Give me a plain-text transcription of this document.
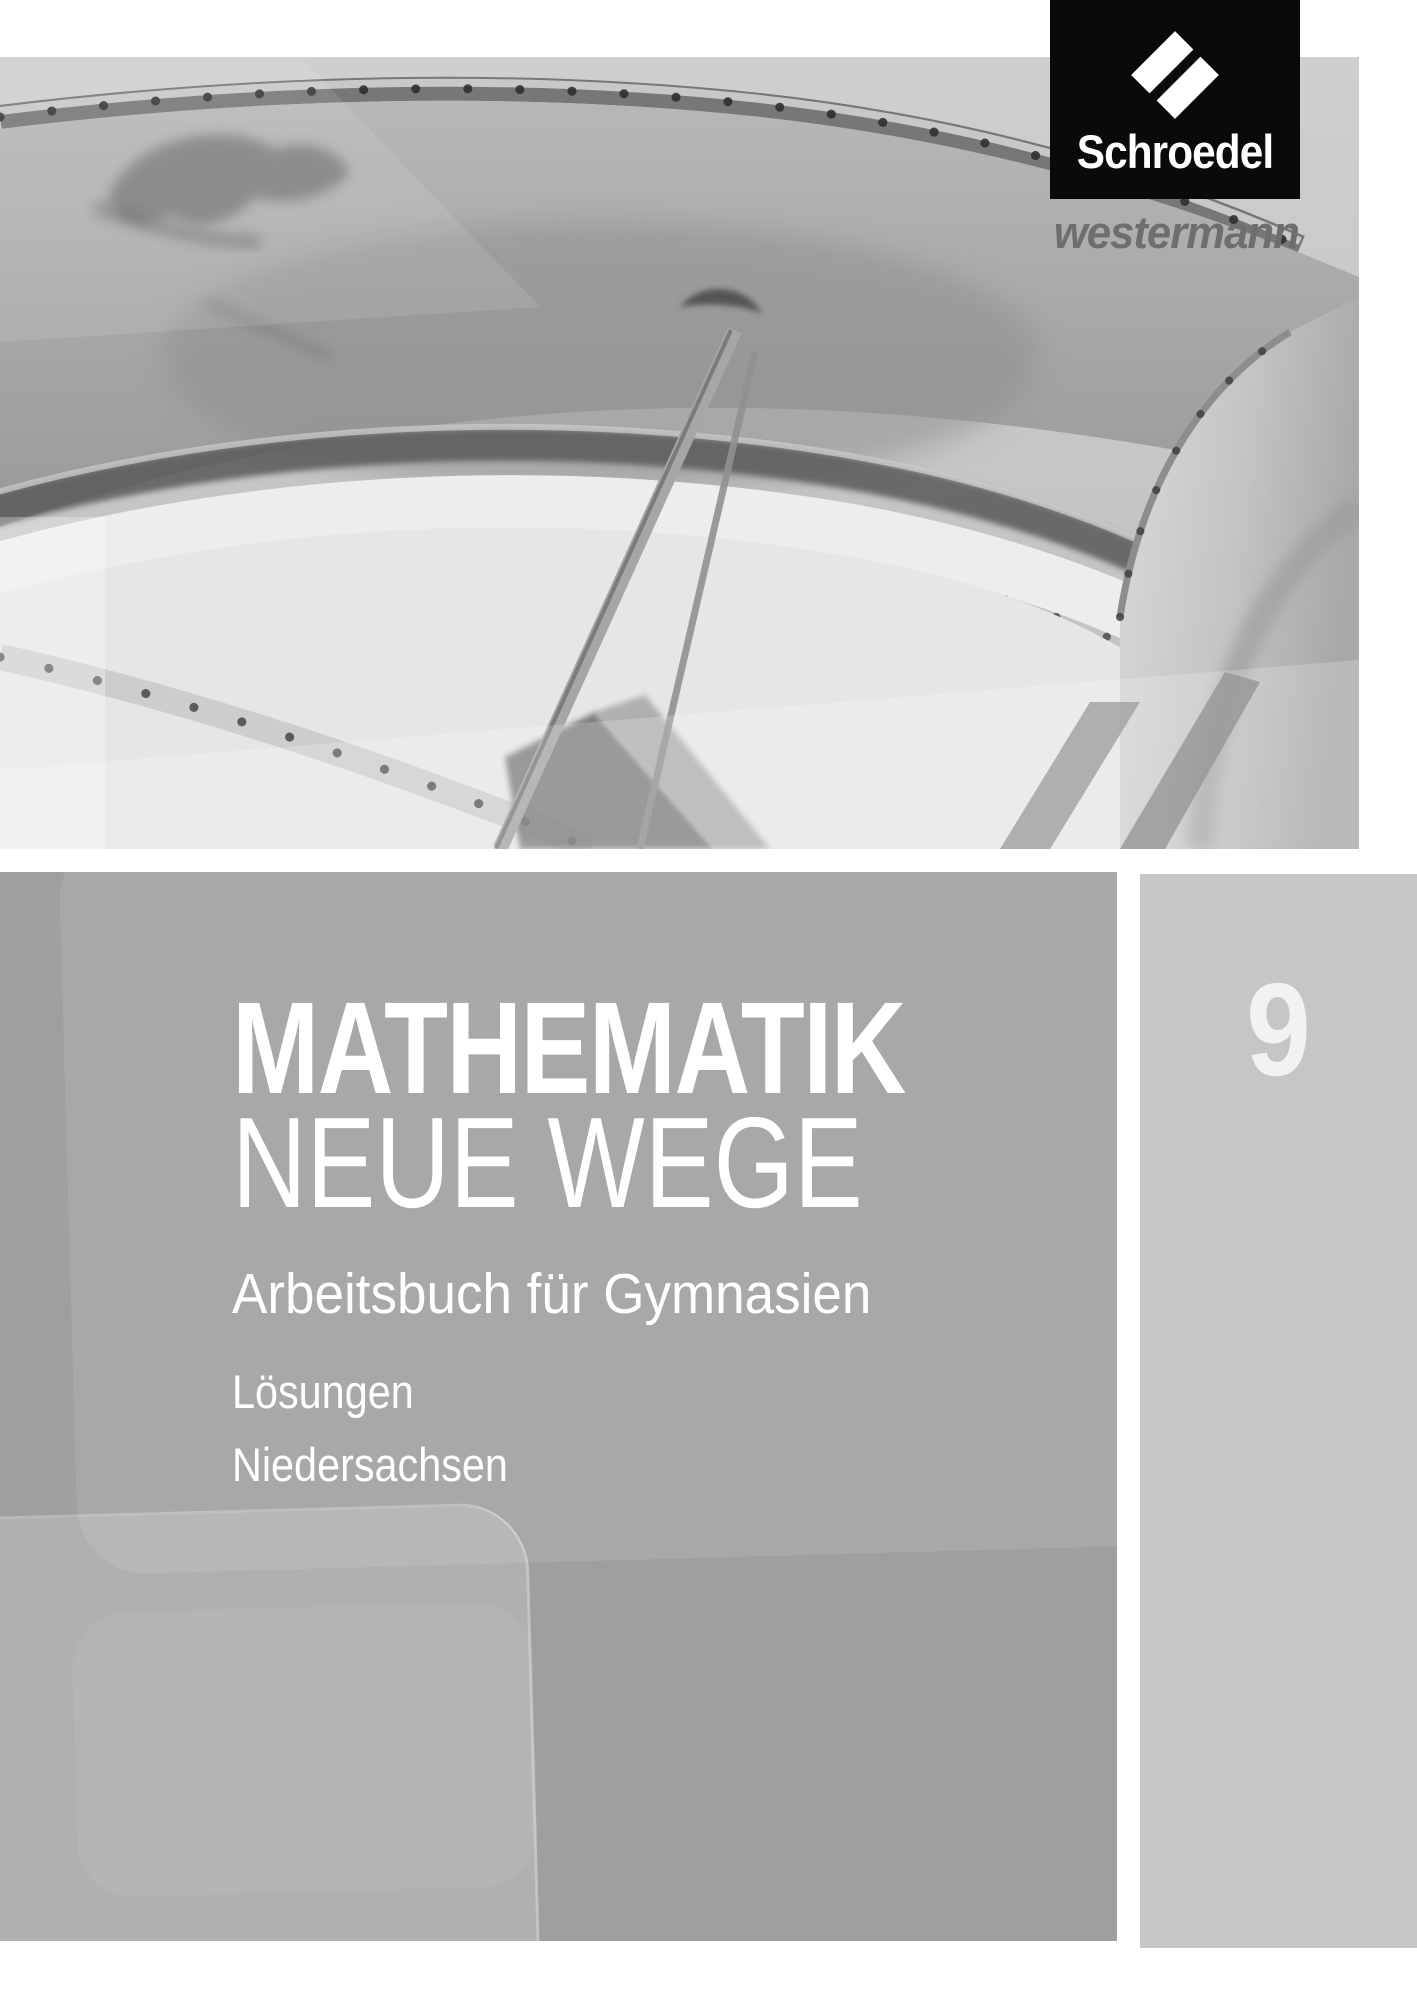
Schroedel
westermann
9
MATHEMATIK
NEUE WEGE
Arbeitsbuch für Gymnasien
Lösungen
Niedersachsen
